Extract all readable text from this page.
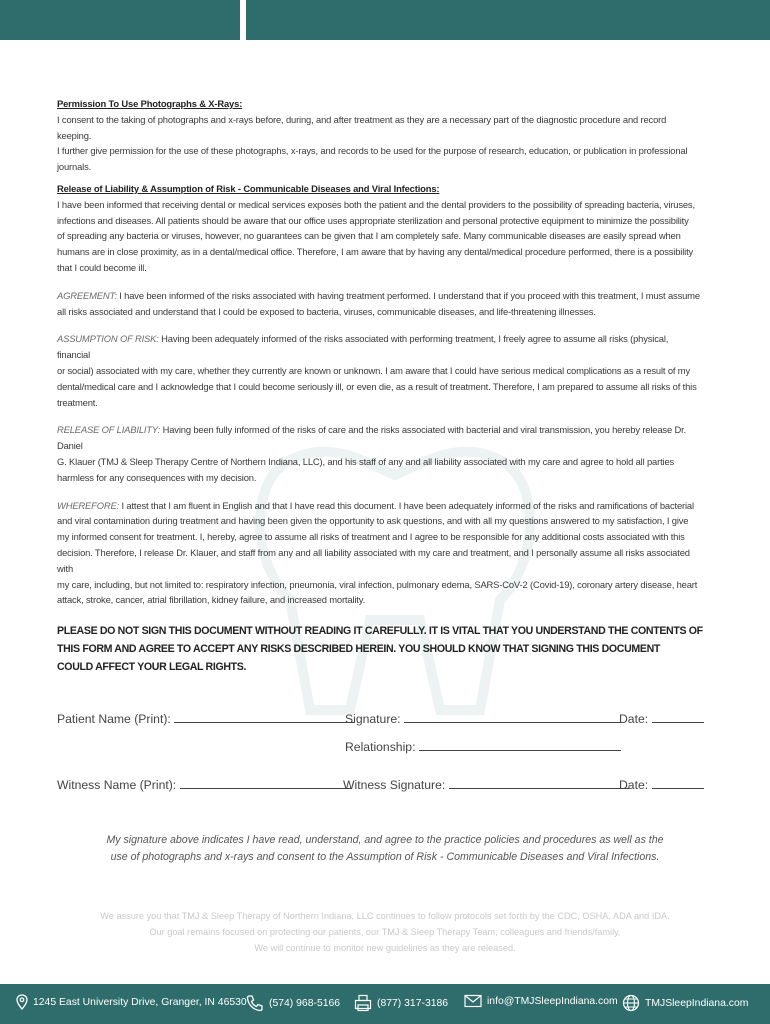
Permission To Use Photographs & X-Rays:

I consent to the taking of photographs and x-rays before, during, and after treatment as they are a necessary part of the diagnostic procedure and record keeping.
I further give permission for the use of these photographs, x-rays, and records to be used for the purpose of research, education, or publication in professional
journals.

Release of Liability & Assumption of Risk - Communicable Diseases and Viral Infections:

I have been informed that receiving dental or medical services exposes both the patient and the dental providers to the possibility of spreading bacteria, viruses,
infections and diseases. All patients should be aware that our office uses appropriate sterilization and personal protective equipment to minimize the possibility
of spreading any bacteria or viruses, however, no guarantees can be given that I am completely safe. Many communicable diseases are easily spread when
humans are in close proximity, as in a dental/medical office. Therefore, I am aware that by having any dental/medical procedure performed, there is a possibility
that I could become ill.

AGREEMENT: I have been informed of the risks associated with having treatment performed. I understand that if you proceed with this treatment, I must assume
all risks associated and understand that I could be exposed to bacteria, viruses, communicable diseases, and life-threatening illnesses.

ASSUMPTION OF RISK: Having been adequately informed of the risks associated with performing treatment, I freely agree to assume all risks (physical, financial
or social) associated with my care, whether they currently are known or unknown. I am aware that I could have serious medical complications as a result of my
dental/medical care and I acknowledge that I could become seriously ill, or even die, as a result of treatment. Therefore, I am prepared to assume all risks of this
treatment.

RELEASE OF LIABILITY: Having been fully informed of the risks of care and the risks associated with bacterial and viral transmission, you hereby release Dr. Daniel
G. Klauer (TMJ & Sleep Therapy Centre of Northern Indiana, LLC), and his staff of any and all liability associated with my care and agree to hold all parties
harmless for any consequences with my decision.

WHEREFORE: I attest that I am fluent in English and that I have read this document. I have been adequately informed of the risks and ramifications of bacterial
and viral contamination during treatment and having been given the opportunity to ask questions, and with all my questions answered to my satisfaction, I give
my informed consent for treatment. I, hereby, agree to assume all risks of treatment and I agree to be responsible for any additional costs associated with this
decision. Therefore, I release Dr. Klauer, and staff from any and all liability associated with my care and treatment, and I personally assume all risks associated with
my care, including, but not limited to: respiratory infection, pneumonia, viral infection, pulmonary edema, SARS-CoV-2 (Covid-19), coronary artery disease, heart
attack, stroke, cancer, atrial fibrillation, kidney failure, and increased mortality.

PLEASE DO NOT SIGN THIS DOCUMENT WITHOUT READING IT CAREFULLY. IT IS VITAL THAT YOU UNDERSTAND THE CONTENTS OF
THIS FORM AND AGREE TO ACCEPT ANY RISKS DESCRIBED HEREIN. YOU SHOULD KNOW THAT SIGNING THIS DOCUMENT
COULD AFFECT YOUR LEGAL RIGHTS.
Patient Name (Print):	Signature:	Date:
Relationship:
Witness Name (Print):	Witness Signature:	Date:
My signature above indicates I have read, understand, and agree to the practice policies and procedures as well as the
use of photographs and x-rays and consent to the Assumption of Risk - Communicable Diseases and Viral Infections.
We assure you that TMJ & Sleep Therapy of Northern Indiana, LLC continues to follow protocols set forth by the CDC, OSHA, ADA and IDA.
Our goal remains focused on protecting our patients, our TMJ & Sleep Therapy Team, colleagues and friends/family.
We will continue to monitor new guidelines as they are released.
1245 East University Drive, Granger, IN 46530 (574) 968-5166	(877) 317-3186	info@TMJSleepIndiana.com	TMJSleepIndiana.com
